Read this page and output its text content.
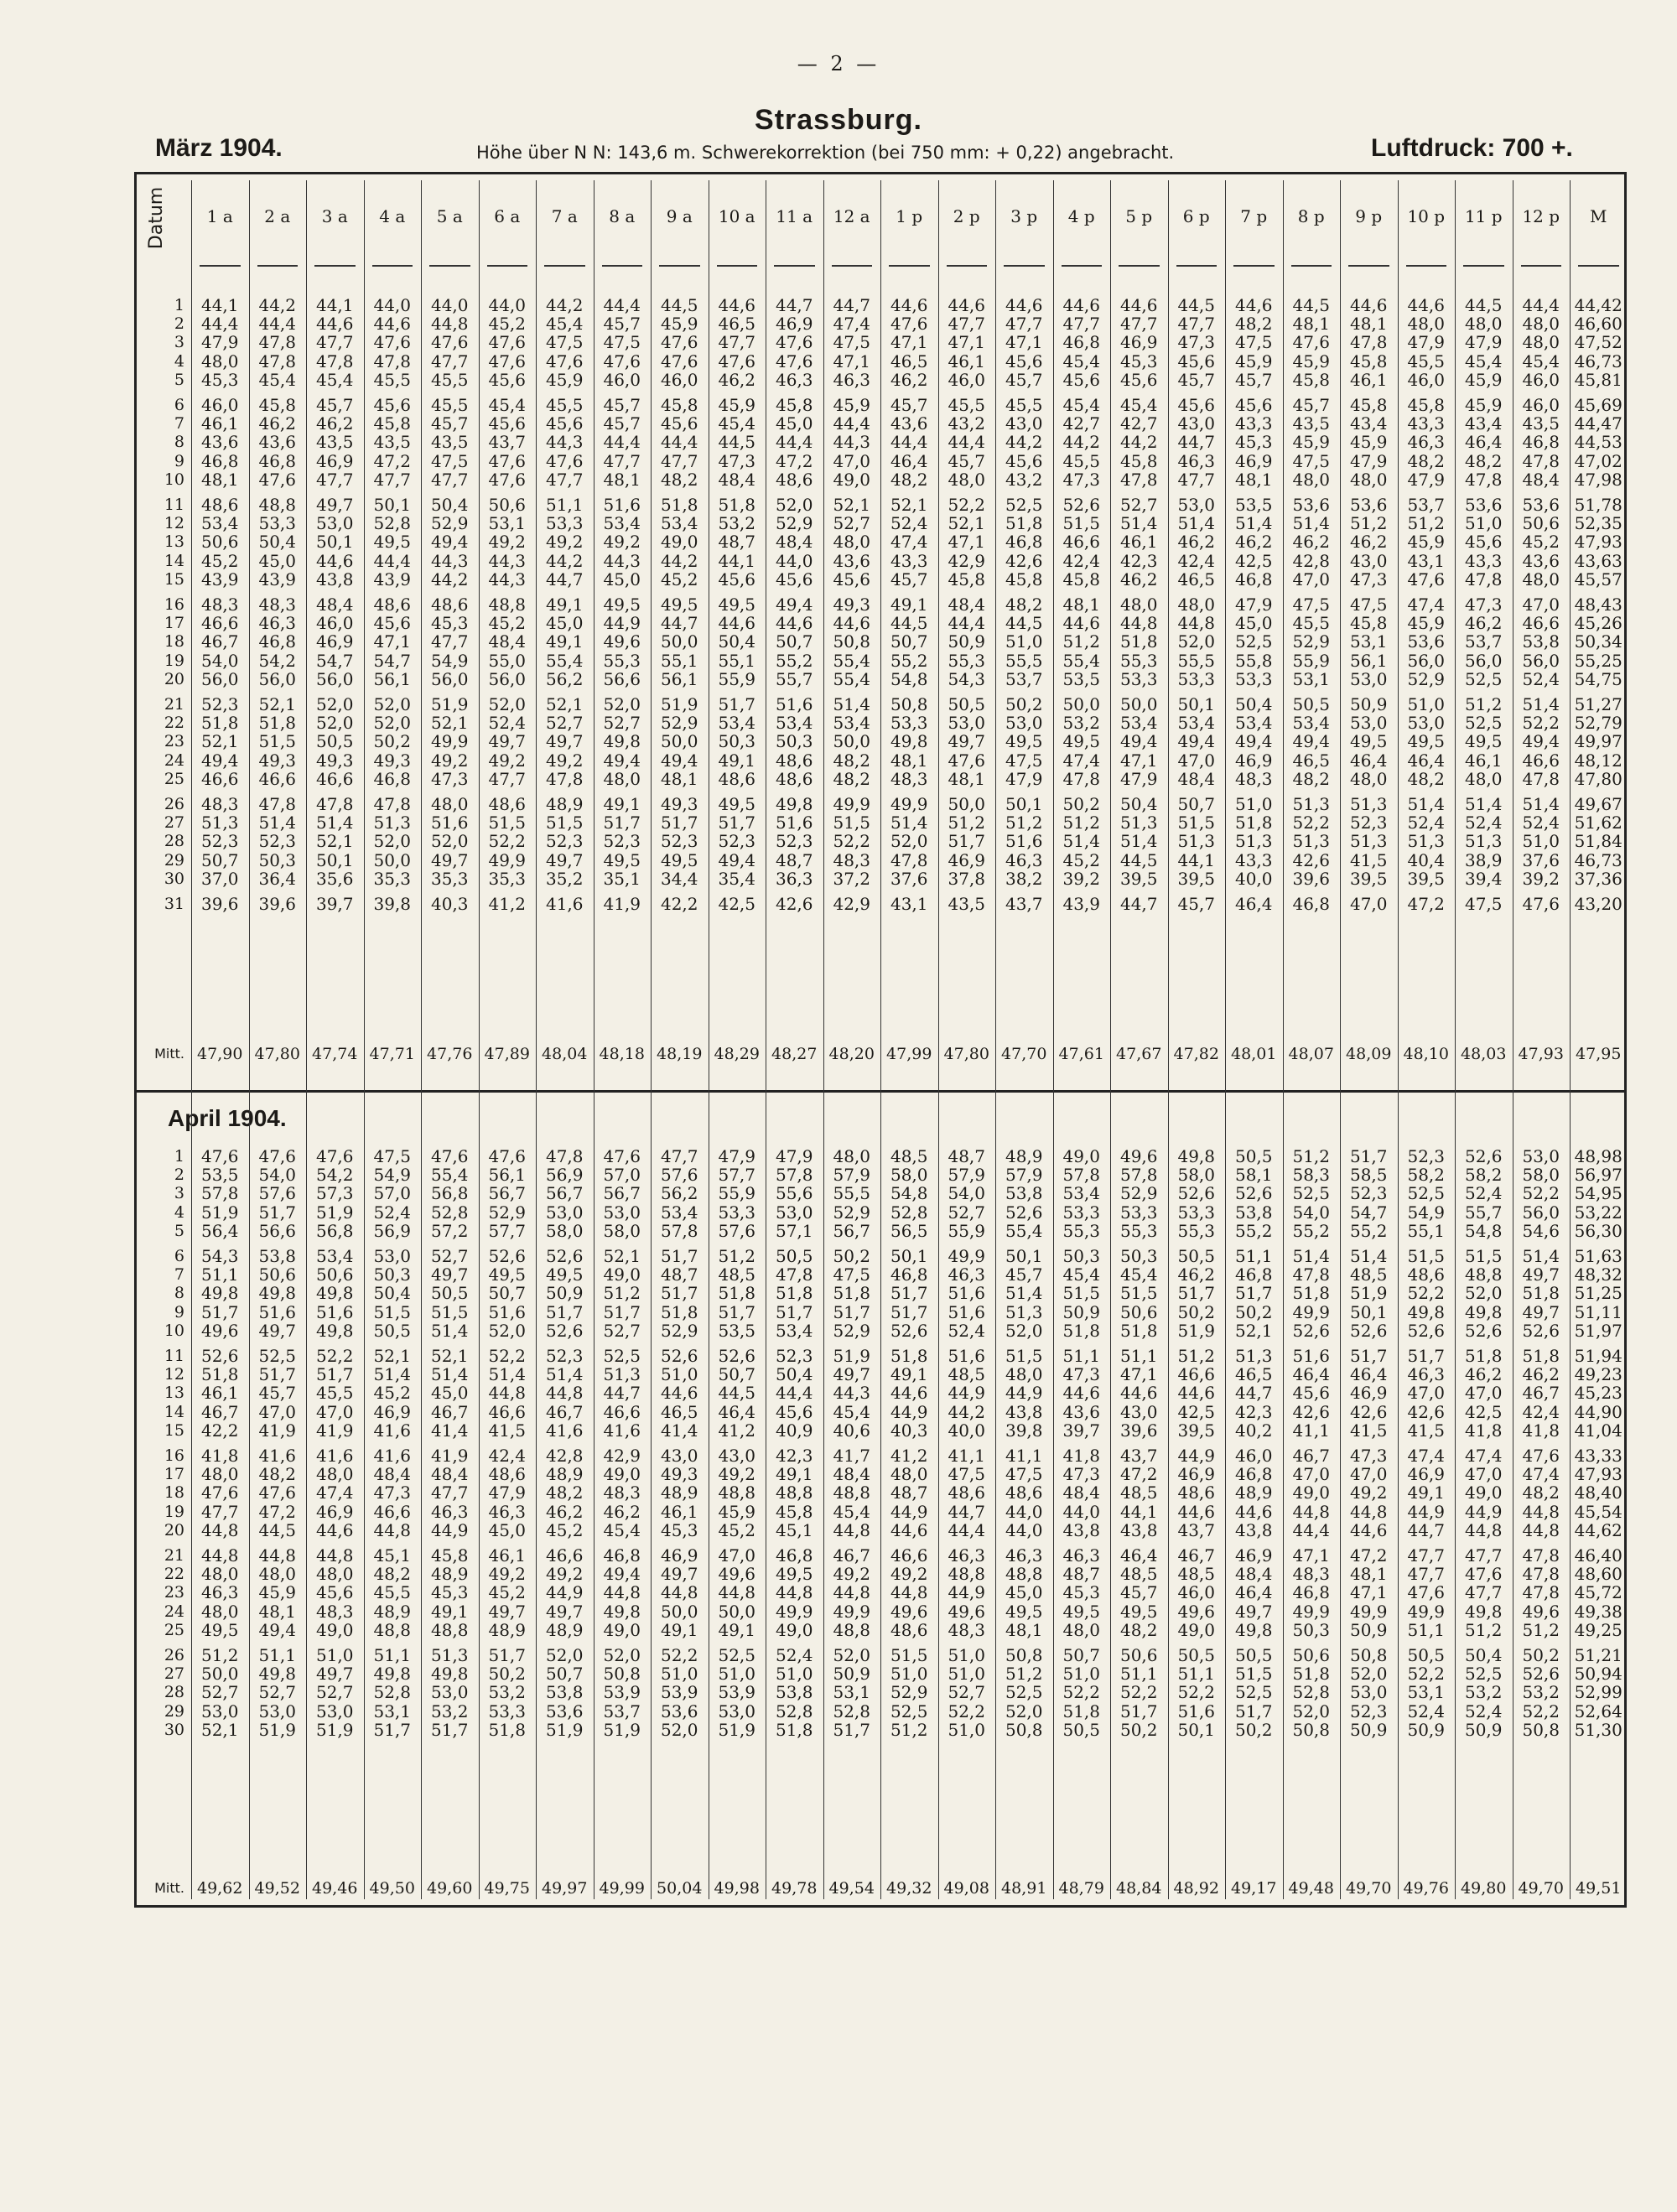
— 2 —
Strassburg.
März 1904.	Höhe über N N: 143,6 m. Schwerekorrektion (bei 750 mm: + 0,22) angebracht.	Luftdruck: 700 +.
April 1904.
Datum	1 a	2 a	3 a	4 a	5 a	6 a	7 a	8 a	9 a	10 a	11 a	12 a	1 p	2 p	3 p	4 p	5 p	6 p	7 p	8 p	9 p	10 p	11 p	12 p	M
1 44,1	44,2	44,1	44,0	44,0	44,0	44,2	44,4	44,5	44,6	44,7	44,7	44,6	44,6	44,6	44,6	44,6	44,5	44,6	44,5	44,6	44,6	44,5	44,4 44,42
2 44,4	44,4	44,6	44,6	44,8	45,2	45,4	45,7	45,9	46,5	46,9	47,4	47,6	47,7	47,7	47,7	47,7	47,7	48,2	48,1	48,1	48,0	48,0	48,0 46,60
3 47,9	47,8	47,7	47,6	47,6	47,6	47,5	47,5	47,6	47,7	47,6	47,5	47,1	47,1	47,1	46,8	46,9	47,3	47,5	47,6	47,8	47,9	47,9	48,0 47,52
4 48,0	47,8	47,8	47,8	47,7	47,6	47,6	47,6	47,6	47,6	47,6	47,1	46,5	46,1	45,6	45,4	45,3	45,6	45,9	45,9	45,8	45,5	45,4	45,4 46,73
5 45,3	45,4	45,4	45,5	45,5	45,6	45,9	46,0	46,0	46,2	46,3	46,3	46,2	46,0	45,7	45,6	45,6	45,7	45,7	45,8	46,1	46,0	45,9	46,0 45,81
6 46,0	45,8	45,7	45,6	45,5	45,4	45,5	45,7	45,8	45,9	45,8	45,9	45,7	45,5	45,5	45,4	45,4	45,6	45,6	45,7	45,8	45,8	45,9	46,0 45,69
7 46,1	46,2	46,2	45,8	45,7	45,6	45,6	45,7	45,6	45,4	45,0	44,4	43,6	43,2	43,0	42,7	42,7	43,0	43,3	43,5	43,4	43,3	43,4	43,5 44,47
8 43,6	43,6	43,5	43,5	43,5	43,7	44,3	44,4	44,4	44,5	44,4	44,3	44,4	44,4	44,2	44,2	44,2	44,7	45,3	45,9	45,9	46,3	46,4	46,8 44,53
9 46,8	46,8	46,9	47,2	47,5	47,6	47,6	47,7	47,7	47,3	47,2	47,0	46,4	45,7	45,6	45,5	45,8	46,3	46,9	47,5	47,9	48,2	48,2	47,8 47,02
10 48,1	47,6	47,7	47,7	47,7	47,6	47,7	48,1	48,2	48,4	48,6	49,0	48,2	48,0	43,2	47,3	47,8	47,7	48,1	48,0	48,0	47,9	47,8	48,4 47,98
11 48,6	48,8	49,7	50,1	50,4	50,6	51,1	51,6	51,8	51,8	52,0	52,1	52,1	52,2	52,5	52,6	52,7	53,0	53,5	53,6	53,6	53,7	53,6	53,6 51,78
12 53,4	53,3	53,0	52,8	52,9	53,1	53,3	53,4	53,4	53,2	52,9	52,7	52,4	52,1	51,8	51,5	51,4	51,4	51,4	51,4	51,2	51,2	51,0	50,6 52,35
13 50,6	50,4	50,1	49,5	49,4	49,2	49,2	49,2	49,0	48,7	48,4	48,0	47,4	47,1	46,8	46,6	46,1	46,2	46,2	46,2	46,2	45,9	45,6	45,2 47,93
14 45,2	45,0	44,6	44,4	44,3	44,3	44,2	44,3	44,2	44,1	44,0	43,6	43,3	42,9	42,6	42,4	42,3	42,4	42,5	42,8	43,0	43,1	43,3	43,6 43,63
15 43,9	43,9	43,8	43,9	44,2	44,3	44,7	45,0	45,2	45,6	45,6	45,6	45,7	45,8	45,8	45,8	46,2	46,5	46,8	47,0	47,3	47,6	47,8	48,0 45,57
16 48,3	48,3	48,4	48,6	48,6	48,8	49,1	49,5	49,5	49,5	49,4	49,3	49,1	48,4	48,2	48,1	48,0	48,0	47,9	47,5	47,5	47,4	47,3	47,0 48,43
17 46,6	46,3	46,0	45,6	45,3	45,2	45,0	44,9	44,7	44,6	44,6	44,6	44,5	44,4	44,5	44,6	44,8	44,8	45,0	45,5	45,8	45,9	46,2	46,6 45,26
18 46,7	46,8	46,9	47,1	47,7	48,4	49,1	49,6	50,0	50,4	50,7	50,8	50,7	50,9	51,0	51,2	51,8	52,0	52,5	52,9	53,1	53,6	53,7	53,8 50,34
19 54,0	54,2	54,7	54,7	54,9	55,0	55,4	55,3	55,1	55,1	55,2	55,4	55,2	55,3	55,5	55,4	55,3	55,5	55,8	55,9	56,1	56,0	56,0	56,0 55,25
20 56,0	56,0	56,0	56,1	56,0	56,0	56,2	56,6	56,1	55,9	55,7	55,4	54,8	54,3	53,7	53,5	53,3	53,3	53,3	53,1	53,0	52,9	52,5	52,4 54,75
21 52,3	52,1	52,0	52,0	51,9	52,0	52,1	52,0	51,9	51,7	51,6	51,4	50,8	50,5	50,2	50,0	50,0	50,1	50,4	50,5	50,9	51,0	51,2	51,4 51,27
22 51,8	51,8	52,0	52,0	52,1	52,4	52,7	52,7	52,9	53,4	53,4	53,4	53,3	53,0	53,0	53,2	53,4	53,4	53,4	53,4	53,0	53,0	52,5	52,2 52,79
23 52,1	51,5	50,5	50,2	49,9	49,7	49,7	49,8	50,0	50,3	50,3	50,0	49,8	49,7	49,5	49,5	49,4	49,4	49,4	49,4	49,5	49,5	49,5	49,4 49,97
24 49,4	49,3	49,3	49,3	49,2	49,2	49,2	49,4	49,4	49,1	48,6	48,2	48,1	47,6	47,5	47,4	47,1	47,0	46,9	46,5	46,4	46,4	46,1	46,6 48,12
25 46,6	46,6	46,6	46,8	47,3	47,7	47,8	48,0	48,1	48,6	48,6	48,2	48,3	48,1	47,9	47,8	47,9	48,4	48,3	48,2	48,0	48,2	48,0	47,8 47,80
26 48,3	47,8	47,8	47,8	48,0	48,6	48,9	49,1	49,3	49,5	49,8	49,9	49,9	50,0	50,1	50,2	50,4	50,7	51,0	51,3	51,3	51,4	51,4	51,4 49,67
27 51,3	51,4	51,4	51,3	51,6	51,5	51,5	51,7	51,7	51,7	51,6	51,5	51,4	51,2	51,2	51,2	51,3	51,5	51,8	52,2	52,3	52,4	52,4	52,4 51,62
28 52,3	52,3	52,1	52,0	52,0	52,2	52,3	52,3	52,3	52,3	52,3	52,2	52,0	51,7	51,6	51,4	51,4	51,3	51,3	51,3	51,3	51,3	51,3	51,0 51,84
29 50,7	50,3	50,1	50,0	49,7	49,9	49,7	49,5	49,5	49,4	48,7	48,3	47,8	46,9	46,3	45,2	44,5	44,1	43,3	42,6	41,5	40,4	38,9	37,6 46,73
30 37,0	36,4	35,6	35,3	35,3	35,3	35,2	35,1	34,4	35,4	36,3	37,2	37,6	37,8	38,2	39,2	39,5	39,5	40,0	39,6	39,5	39,5	39,4	39,2 37,36
31 39,6	39,6	39,7	39,8	40,3	41,2	41,6	41,9	42,2	42,5	42,6	42,9	43,1	43,5	43,7	43,9	44,7	45,7	46,4	46,8	47,0	47,2	47,5	47,6 43,20
Mitt. 47,90 47,80 47,74 47,71 47,76 47,89 48,04 48,18 48,19 48,29 48,27 48,20 47,99 47,80 47,70 47,61 47,67 47,82 48,01 48,07 48,09 48,10 48,03 47,93 47,95
1 47,6	47,6	47,6	47,5	47,6	47,6	47,8	47,6	47,7	47,9	47,9	48,0	48,5	48,7	48,9	49,0	49,6	49,8	50,5	51,2	51,7	52,3	52,6	53,0 48,98
2 53,5	54,0	54,2	54,9	55,4	56,1	56,9	57,0	57,6	57,7	57,8	57,9	58,0	57,9	57,9	57,8	57,8	58,0	58,1	58,3	58,5	58,2	58,2	58,0 56,97
3 57,8	57,6	57,3	57,0	56,8	56,7	56,7	56,7	56,2	55,9	55,6	55,5	54,8	54,0	53,8	53,4	52,9	52,6	52,6	52,5	52,3	52,5	52,4	52,2 54,95
4 51,9	51,7	51,9	52,4	52,8	52,9	53,0	53,0	53,4	53,3	53,0	52,9	52,8	52,7	52,6	53,3	53,3	53,3	53,8	54,0	54,7	54,9	55,7	56,0 53,22
5 56,4	56,6	56,8	56,9	57,2	57,7	58,0	58,0	57,8	57,6	57,1	56,7	56,5	55,9	55,4	55,3	55,3	55,3	55,2	55,2	55,2	55,1	54,8	54,6 56,30
6 54,3	53,8	53,4	53,0	52,7	52,6	52,6	52,1	51,7	51,2	50,5	50,2	50,1	49,9	50,1	50,3	50,3	50,5	51,1	51,4	51,4	51,5	51,5	51,4 51,63
7 51,1	50,6	50,6	50,3	49,7	49,5	49,5	49,0	48,7	48,5	47,8	47,5	46,8	46,3	45,7	45,4	45,4	46,2	46,8	47,8	48,5	48,6	48,8	49,7 48,32
8 49,8	49,8	49,8	50,4	50,5	50,7	50,9	51,2	51,7	51,8	51,8	51,8	51,7	51,6	51,4	51,5	51,5	51,7	51,7	51,8	51,9	52,2	52,0	51,8 51,25
9 51,7	51,6	51,6	51,5	51,5	51,6	51,7	51,7	51,8	51,7	51,7	51,7	51,7	51,6	51,3	50,9	50,6	50,2	50,2	49,9	50,1	49,8	49,8	49,7 51,11
10 49,6	49,7	49,8	50,5	51,4	52,0	52,6	52,7	52,9	53,5	53,4	52,9	52,6	52,4	52,0	51,8	51,8	51,9	52,1	52,6	52,6	52,6	52,6	52,6 51,97
11 52,6	52,5	52,2	52,1	52,1	52,2	52,3	52,5	52,6	52,6	52,3	51,9	51,8	51,6	51,5	51,1	51,1	51,2	51,3	51,6	51,7	51,7	51,8	51,8 51,94
12 51,8	51,7	51,7	51,4	51,4	51,4	51,4	51,3	51,0	50,7	50,4	49,7	49,1	48,5	48,0	47,3	47,1	46,6	46,5	46,4	46,4	46,3	46,2	46,2 49,23
13 46,1	45,7	45,5	45,2	45,0	44,8	44,8	44,7	44,6	44,5	44,4	44,3	44,6	44,9	44,9	44,6	44,6	44,6	44,7	45,6	46,9	47,0	47,0	46,7 45,23
14 46,7	47,0	47,0	46,9	46,7	46,6	46,7	46,6	46,5	46,4	45,6	45,4	44,9	44,2	43,8	43,6	43,0	42,5	42,3	42,6	42,6	42,6	42,5	42,4 44,90
15 42,2	41,9	41,9	41,6	41,4	41,5	41,6	41,6	41,4	41,2	40,9	40,6	40,3	40,0	39,8	39,7	39,6	39,5	40,2	41,1	41,5	41,5	41,8	41,8 41,04
16 41,8	41,6	41,6	41,6	41,9	42,4	42,8	42,9	43,0	43,0	42,3	41,7	41,2	41,1	41,1	41,8	43,7	44,9	46,0	46,7	47,3	47,4	47,4	47,6 43,33
17 48,0	48,2	48,0	48,4	48,4	48,6	48,9	49,0	49,3	49,2	49,1	48,4	48,0	47,5	47,5	47,3	47,2	46,9	46,8	47,0	47,0	46,9	47,0	47,4 47,93
18 47,6	47,6	47,4	47,3	47,7	47,9	48,2	48,3	48,9	48,8	48,8	48,8	48,7	48,6	48,6	48,4	48,5	48,6	48,9	49,0	49,2	49,1	49,0	48,2 48,40
19 47,7	47,2	46,9	46,6	46,3	46,3	46,2	46,2	46,1	45,9	45,8	45,4	44,9	44,7	44,0	44,0	44,1	44,6	44,6	44,8	44,8	44,9	44,9	44,8 45,54
20 44,8	44,5	44,6	44,8	44,9	45,0	45,2	45,4	45,3	45,2	45,1	44,8	44,6	44,4	44,0	43,8	43,8	43,7	43,8	44,4	44,6	44,7	44,8	44,8 44,62
21 44,8	44,8	44,8	45,1	45,8	46,1	46,6	46,8	46,9	47,0	46,8	46,7	46,6	46,3	46,3	46,3	46,4	46,7	46,9	47,1	47,2	47,7	47,7	47,8 46,40
22 48,0	48,0	48,0	48,2	48,9	49,2	49,2	49,4	49,7	49,6	49,5	49,2	49,2	48,8	48,8	48,7	48,5	48,5	48,4	48,3	48,1	47,7	47,6	47,8 48,60
23 46,3	45,9	45,6	45,5	45,3	45,2	44,9	44,8	44,8	44,8	44,8	44,8	44,8	44,9	45,0	45,3	45,7	46,0	46,4	46,8	47,1	47,6	47,7	47,8 45,72
24 48,0	48,1	48,3	48,9	49,1	49,7	49,7	49,8	50,0	50,0	49,9	49,9	49,6	49,6	49,5	49,5	49,5	49,6	49,7	49,9	49,9	49,9	49,8	49,6 49,38
25 49,5	49,4	49,0	48,8	48,8	48,9	48,9	49,0	49,1	49,1	49,0	48,8	48,6	48,3	48,1	48,0	48,2	49,0	49,8	50,3	50,9	51,1	51,2	51,2 49,25
26 51,2	51,1	51,0	51,1	51,3	51,7	52,0	52,0	52,2	52,5	52,4	52,0	51,5	51,0	50,8	50,7	50,6	50,5	50,5	50,6	50,8	50,5	50,4	50,2 51,21
27 50,0	49,8	49,7	49,8	49,8	50,2	50,7	50,8	51,0	51,0	51,0	50,9	51,0	51,0	51,2	51,0	51,1	51,1	51,5	51,8	52,0	52,2	52,5	52,6 50,94
28 52,7	52,7	52,7	52,8	53,0	53,2	53,8	53,9	53,9	53,9	53,8	53,1	52,9	52,7	52,5	52,2	52,2	52,2	52,5	52,8	53,0	53,1	53,2	53,2 52,99
29 53,0	53,0	53,0	53,1	53,2	53,3	53,6	53,7	53,6	53,0	52,8	52,8	52,5	52,2	52,0	51,8	51,7	51,6	51,7	52,0	52,3	52,4	52,4	52,2 52,64
30 52,1	51,9	51,9	51,7	51,7	51,8	51,9	51,9	52,0	51,9	51,8	51,7	51,2	51,0	50,8	50,5	50,2	50,1	50,2	50,8	50,9	50,9	50,9	50,8 51,30
Mitt. 49,62 49,52 49,46 49,50 49,60 49,75 49,97 49,99 50,04 49,98 49,78 49,54 49,32 49,08 48,91 48,79 48,84 48,92 49,17 49,48 49,70 49,76 49,80 49,70 49,51
